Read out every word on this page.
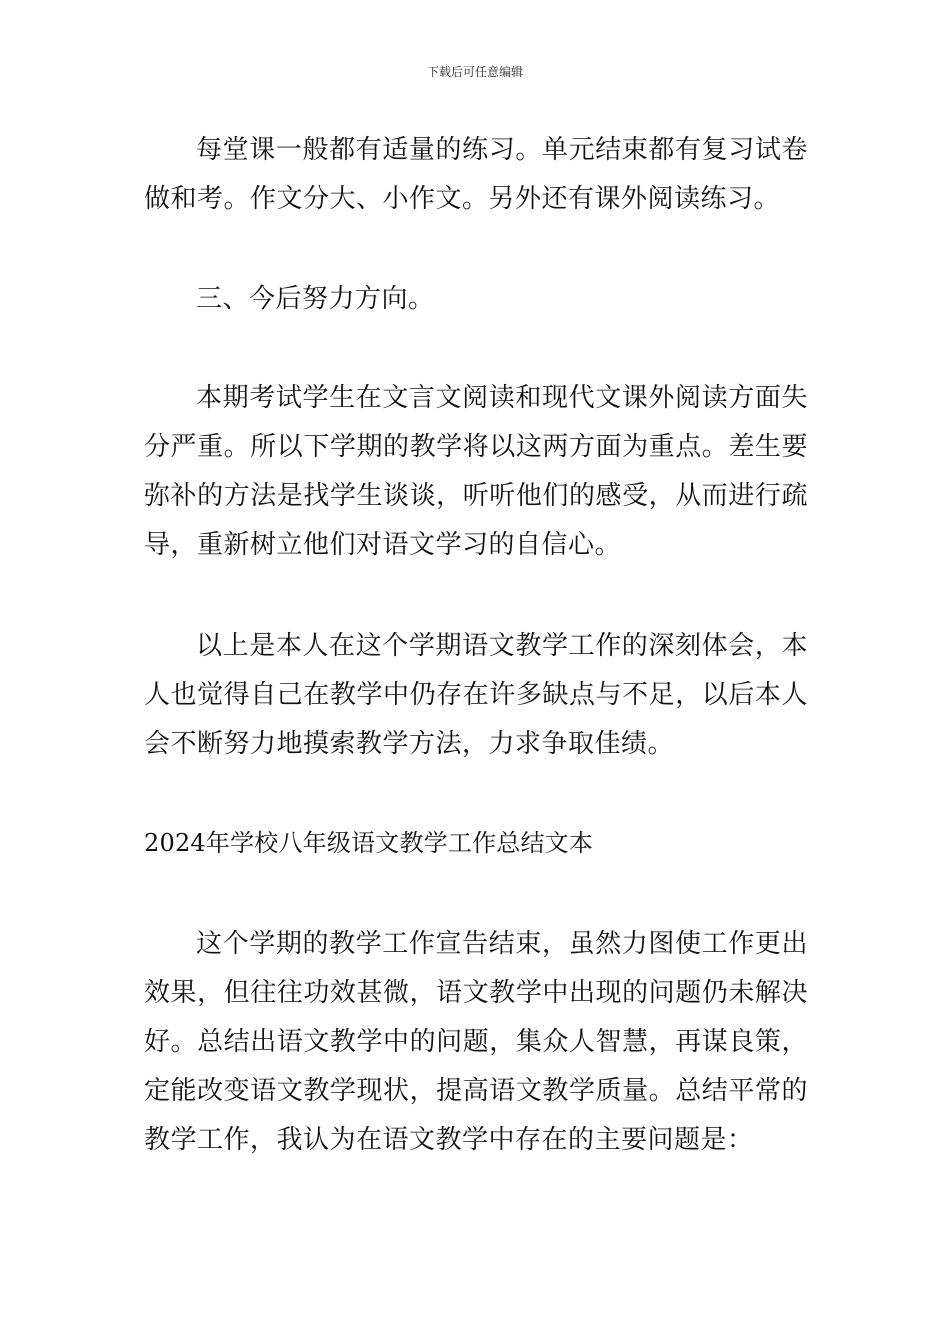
下载后可任意编辑

每堂课一般都有适量的练习。单元结束都有复习试卷做和考。作文分大、小作文。另外还有课外阅读练习。

三、今后努力方向。

本期考试学生在文言文阅读和现代文课外阅读方面失分严重。所以下学期的教学将以这两方面为重点。差生要弥补的方法是找学生谈谈，听听他们的感受，从而进行疏导，重新树立他们对语文学习的自信心。

以上是本人在这个学期语文教学工作的深刻体会，本人也觉得自己在教学中仍存在许多缺点与不足，以后本人会不断努力地摸索教学方法，力求争取佳绩。

2024年学校八年级语文教学工作总结文本

这个学期的教学工作宣告结束，虽然力图使工作更出效果，但往往功效甚微，语文教学中出现的问题仍未解决好。总结出语文教学中的问题，集众人智慧，再谋良策，定能改变语文教学现状，提高语文教学质量。总结平常的教学工作，我认为在语文教学中存在的主要问题是：
